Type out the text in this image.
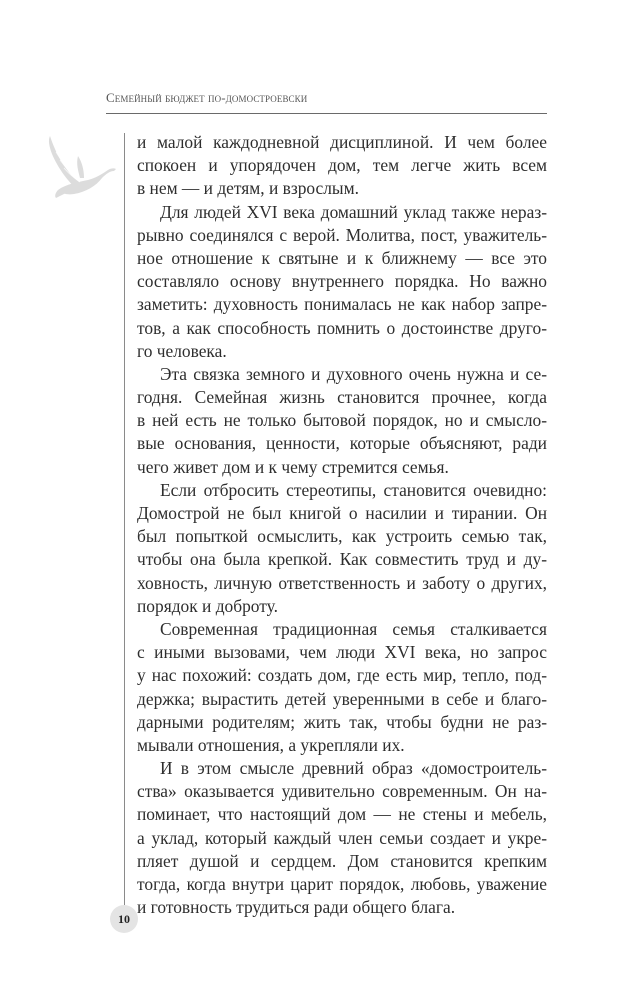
Семейный бюджет по-домостроевски
и малой каждодневной дисциплиной. И чем более
спокоен и упорядочен дом, тем легче жить всем
в нем — и детям, и взрослым.
Для людей XVI века домашний уклад также нераз-
рывно соединялся с верой. Молитва, пост, уважитель-
ное отношение к святыне и к ближнему — все это
составляло основу внутреннего порядка. Но важно
заметить: духовность понималась не как набор запре-
тов, а как способность помнить о достоинстве друго-
го человека.
Эта связка земного и духовного очень нужна и се-
годня. Семейная жизнь становится прочнее, когда
в ней есть не только бытовой порядок, но и смысло-
вые основания, ценности, которые объясняют, ради
чего живет дом и к чему стремится семья.
Если отбросить стереотипы, становится очевидно:
Домострой не был книгой о насилии и тирании. Он
был попыткой осмыслить, как устроить семью так,
чтобы она была крепкой. Как совместить труд и ду-
ховность, личную ответственность и заботу о других,
порядок и доброту.
Современная традиционная семья сталкивается
с иными вызовами, чем люди XVI века, но запрос
у нас похожий: создать дом, где есть мир, тепло, под-
держка; вырастить детей уверенными в себе и благо-
дарными родителям; жить так, чтобы будни не раз-
мывали отношения, а укрепляли их.
И в этом смысле древний образ «домостроитель-
ства» оказывается удивительно современным. Он на-
поминает, что настоящий дом — не стены и мебель,
а уклад, который каждый член семьи создает и укре-
пляет душой и сердцем. Дом становится крепким
тогда, когда внутри царит порядок, любовь, уважение
и готовность трудиться ради общего блага.
10
